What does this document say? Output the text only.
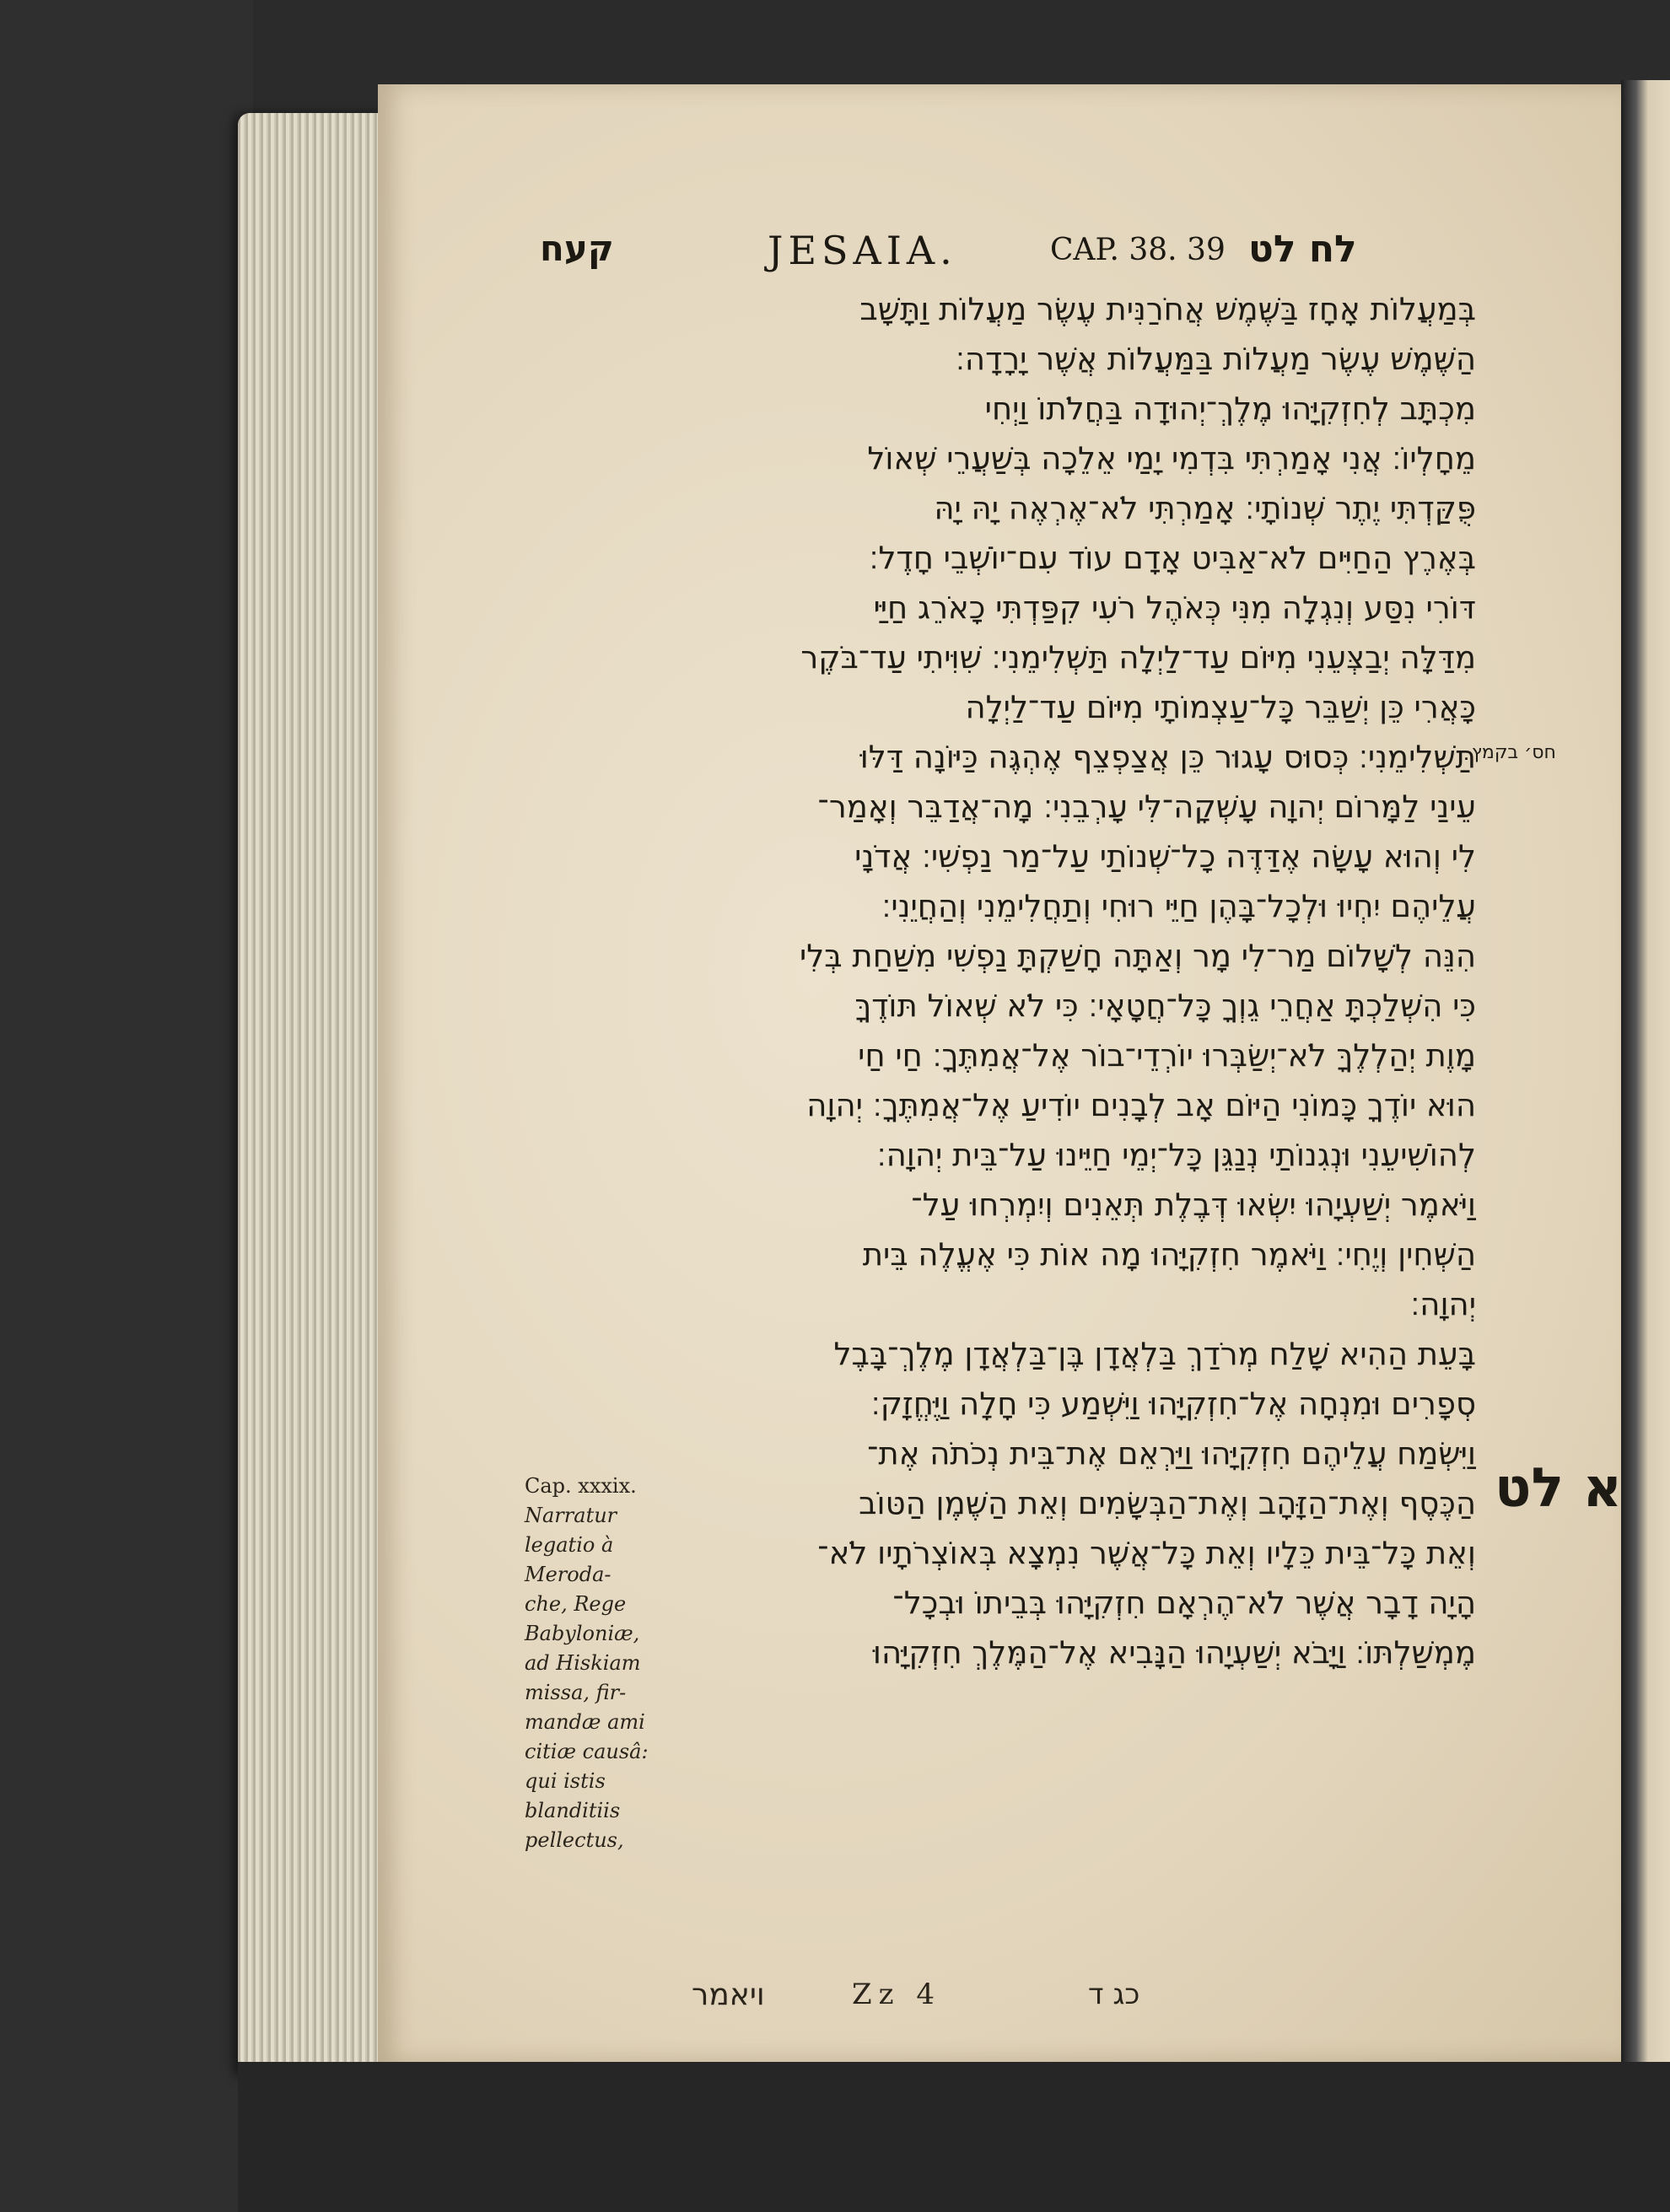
קעח	JESAIA.	CAP. 38. 39 לח לט
בְּמַעֲלוֹת אָחָז בַּשֶּׁמֶשׁ אֲחֹרַנִּית עֶשֶׂר מַעֲלוֹת וַתָּשָׁב
הַשֶּׁמֶשׁ עֶשֶׂר מַעֲלוֹת בַּמַּעֲלוֹת אֲשֶׁר יָרָדָה׃
מִכְתָּב לְחִזְקִיָּהוּ מֶלֶךְ־יְהוּדָה בַּחֲלֹתוֹ וַיְחִי
מֵחָלְיוֹ׃ אֲנִי אָמַרְתִּי בִּדְמִי יָמַי אֵלֵכָה בְּשַׁעֲרֵי שְׁאוֹל
פֻּקַּדְתִּי יֶתֶר שְׁנוֹתָי׃ אָמַרְתִּי לֹא־אֶרְאֶה יָהּ יָהּ
בְּאֶרֶץ הַחַיִּים לֹא־אַבִּיט אָדָם עוֹד עִם־יוֹשְׁבֵי חָדֶל׃
דּוֹרִי נִסַּע וְנִגְלָה מִנִּי כְּאֹהֶל רֹעִי קִפַּדְתִּי כָאֹרֵג חַיַּי
מִדַּלָּה יְבַצְּעֵנִי מִיּוֹם עַד־לַיְלָה תַּשְׁלִימֵנִי׃ שִׁוִּיתִי עַד־בֹּקֶר
כָּאֲרִי כֵּן יְשַׁבֵּר כָּל־עַצְמוֹתָי מִיּוֹם עַד־לַיְלָה
תַּשְׁלִימֵנִי׃ כְּסוּס עָגוּר כֵּן אֲצַפְצֵף אֶהְגֶּה כַּיּוֹנָה דַּלּוּ
עֵינַי לַמָּרוֹם יְהוָה עָשְׁקָה־לִּי עָרְבֵנִי׃ מָה־אֲדַבֵּר וְאָמַר־
לִי וְהוּא עָשָׂה אֶדַּדֶּה כָל־שְׁנוֹתַי עַל־מַר נַפְשִׁי׃ אֲדֹנָי
עֲלֵיהֶם יִחְיוּ וּלְכָל־בָּהֶן חַיֵּי רוּחִי וְתַחֲלִימֵנִי וְהַחֲיֵנִי׃
הִנֵּה לְשָׁלוֹם מַר־לִי מָר וְאַתָּה חָשַׁקְתָּ נַפְשִׁי מִשַּׁחַת בְּלִי
כִּי הִשְׁלַכְתָּ אַחֲרֵי גֵוְךָ כָּל־חֲטָאָי׃ כִּי לֹא שְׁאוֹל תּוֹדֶךָּ
מָוֶת יְהַלְלֶךָּ לֹא־יְשַׂבְּרוּ יוֹרְדֵי־בוֹר אֶל־אֲמִתֶּךָ׃ חַי חַי
הוּא יוֹדֶךָ כָּמוֹנִי הַיּוֹם אָב לְבָנִים יוֹדִיעַ אֶל־אֲמִתֶּךָ׃ יְהוָה
לְהוֹשִׁיעֵנִי וּנְגִנוֹתַי נְנַגֵּן כָּל־יְמֵי חַיֵּינוּ עַל־בֵּית יְהוָה׃
וַיֹּאמֶר יְשַׁעְיָהוּ יִשְׂאוּ דְּבֶלֶת תְּאֵנִים וְיִמְרְחוּ עַל־
הַשְּׁחִין וְיֶחִי׃ וַיֹּאמֶר חִזְקִיָּהוּ מָה אוֹת כִּי אֶעֱלֶה בֵּית
יְהוָה׃
בָּעֵת הַהִיא שָׁלַח מְרֹדַךְ בַּלְאֲדָן בֶּן־בַּלְאֲדָן מֶלֶךְ־בָּבֶל
סְפָרִים וּמִנְחָה אֶל־חִזְקִיָּהוּ וַיִּשְׁמַע כִּי חָלָה וַיֶּחֱזָק׃
וַיִּשְׂמַח עֲלֵיהֶם חִזְקִיָּהוּ וַיַּרְאֵם אֶת־בֵּית נְכֹתֹה אֶת־
הַכֶּסֶף וְאֶת־הַזָּהָב וְאֶת־הַבְּשָׂמִים וְאֵת הַשֶּׁמֶן הַטּוֹב
וְאֵת כָּל־בֵּית כֵּלָיו וְאֵת כָּל־אֲשֶׁר נִמְצָא בְּאוֹצְרֹתָיו לֹא־
הָיָה דָבָר אֲשֶׁר לֹא־הֶרְאָם חִזְקִיָּהוּ בְּבֵיתוֹ וּבְכָל־
מֶמְשַׁלְתּוֹ׃ וַיָּבֹא יְשַׁעְיָהוּ הַנָּבִיא אֶל־הַמֶּלֶךְ חִזְקִיָּהוּ
חס׳ בקמץ
א לט
Cap. xxxix.
Narratur
legatio à
Meroda-
che, Rege
Babyloniæ,
ad Hiskiam
missa, fir-
mandæ ami
citiæ causâ:
qui istis
blanditiis
pellectus,
ויאמר	Zz 4	כג ד
